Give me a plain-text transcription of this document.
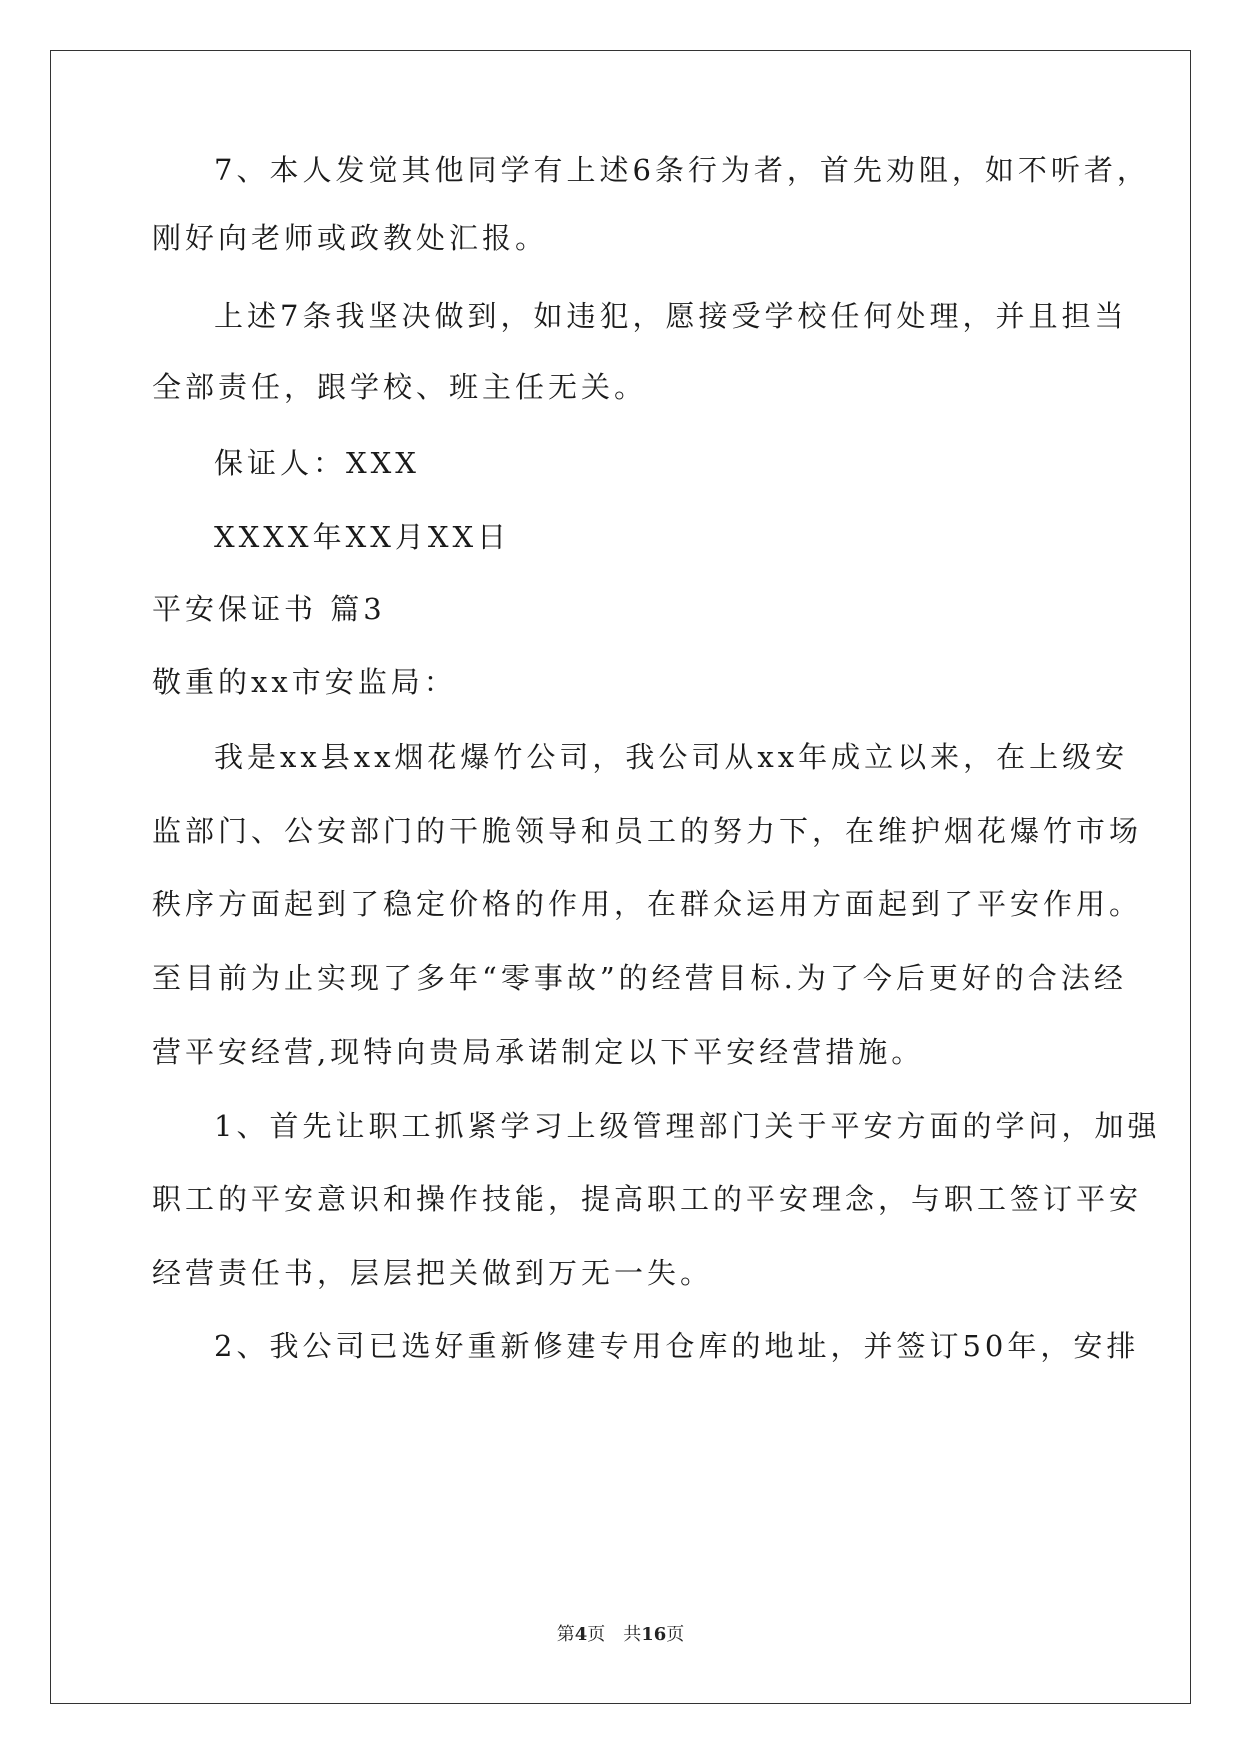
7、本人发觉其他同学有上述6条行为者，首先劝阻，如不听者，
刚好向老师或政教处汇报。
上述7条我坚决做到，如违犯，愿接受学校任何处理，并且担当
全部责任，跟学校、班主任无关。
保证人：XXX
XXXX年XX月XX日
平安保证书 篇3
敬重的xx市安监局：
我是xx县xx烟花爆竹公司，我公司从xx年成立以来，在上级安
监部门、公安部门的干脆领导和员工的努力下，在维护烟花爆竹市场
秩序方面起到了稳定价格的作用，在群众运用方面起到了平安作用。
至目前为止实现了多年“零事故”的经营目标.为了今后更好的合法经
营平安经营,现特向贵局承诺制定以下平安经营措施。
1、首先让职工抓紧学习上级管理部门关于平安方面的学问，加强
职工的平安意识和操作技能，提高职工的平安理念，与职工签订平安
经营责任书，层层把关做到万无一失。
2、我公司已选好重新修建专用仓库的地址，并签订50年，安排
第4页　共16页
